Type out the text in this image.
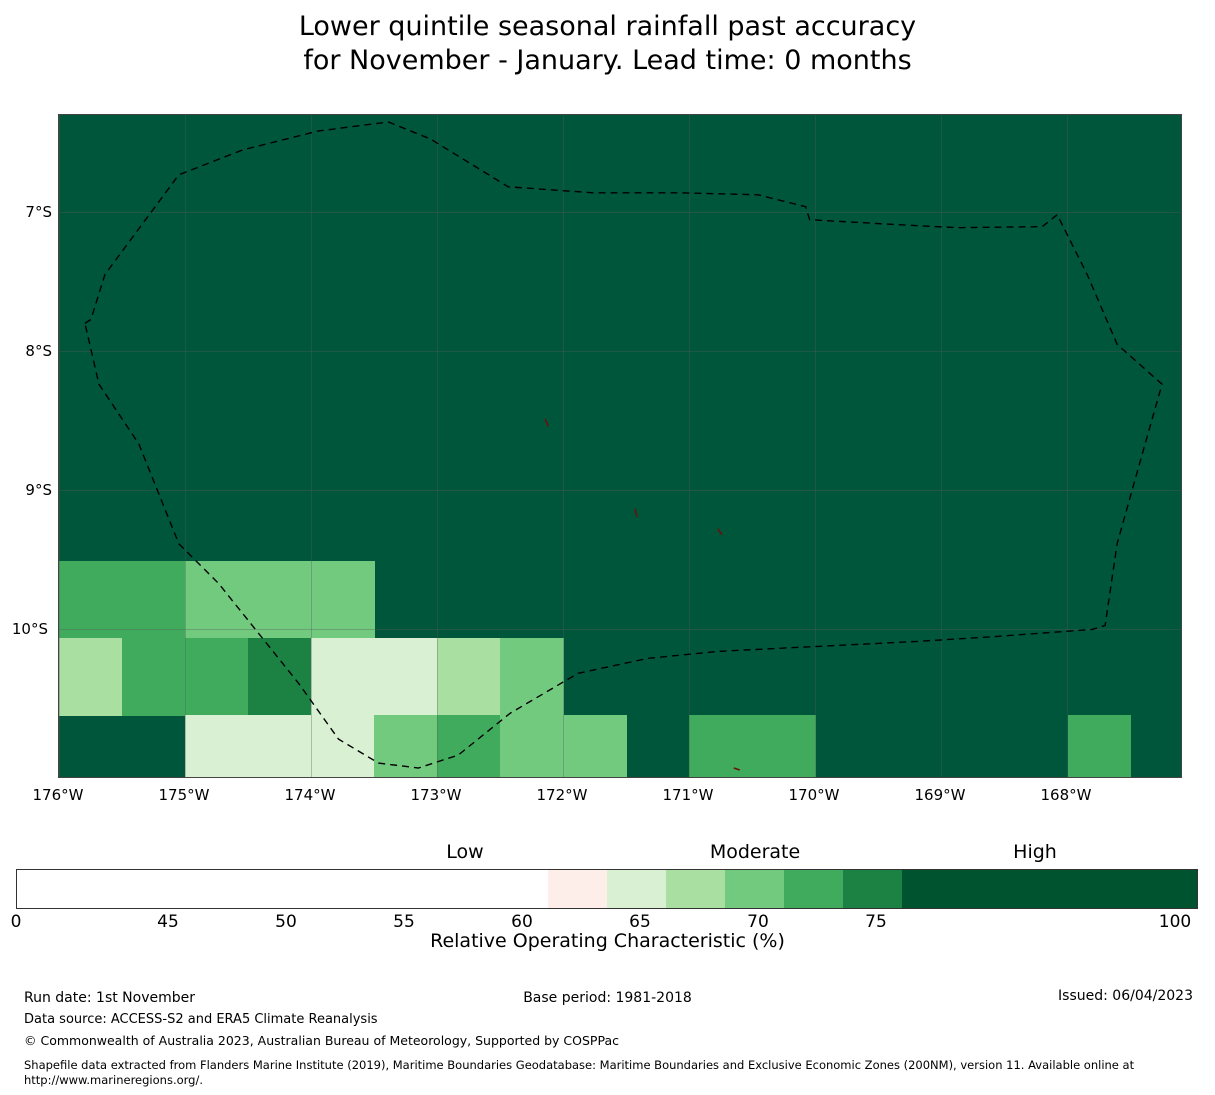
Lower quintile seasonal rainfall past accuracy
for November - January. Lead time: 0 months
7°S
8°S
9°S
10°S
176°W	175°W	174°W	173°W	172°W	171°W	170°W	169°W	168°W
Low	Moderate	High
0	45	50	55	60	65	70	75	100
Relative Operating Characteristic (%)
Run date: 1st November
Data source: ACCESS-S2 and ERA5 Climate Reanalysis
© Commonwealth of Australia 2023, Australian Bureau of Meteorology, Supported by COSPPac
Base period: 1981-2018	Issued: 06/04/2023
Shapefile data extracted from Flanders Marine Institute (2019), Maritime Boundaries Geodatabase: Maritime Boundaries and Exclusive Economic Zones (200NM), version 11. Available online at http://www.marineregions.org/.
